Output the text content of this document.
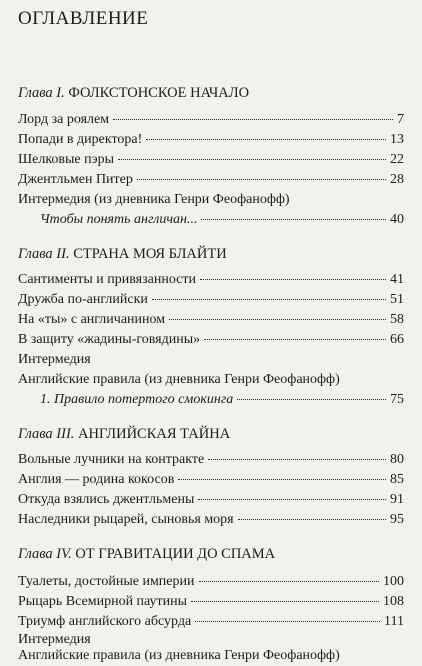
ОГЛАВЛЕНИЕ
Глава I. ФОЛКСТОНСКОЕ НАЧАЛО
Лорд за роялем	7
Попади в директора!	13
Шелковые пэры	22
Джентльмен Питер	28
Интермедия (из дневника Генри Феофанофф)
Чтобы понять англичан...	40
Глава II. СТРАНА МОЯ БЛАЙТИ
Сантименты и привязанности	41
Дружба по-английски	51
На «ты» с англичанином	58
В защиту «жадины-говядины»	66
Интермедия
Английские правила (из дневника Генри Феофанофф)
1. Правило потертого смокинга	75
Глава III. АНГЛИЙСКАЯ ТАЙНА
Вольные лучники на контракте	80
Англия — родина кокосов	85
Откуда взялись джентльмены	91
Наследники рыцарей, сыновья моря	95
Глава IV. ОТ ГРАВИТАЦИИ ДО СПАМА
Туалеты, достойные империи	100
Рыцарь Всемирной паутины	108
Триумф английского абсурда	111
Интермедия
Английские правила (из дневника Генри Феофанофф)
